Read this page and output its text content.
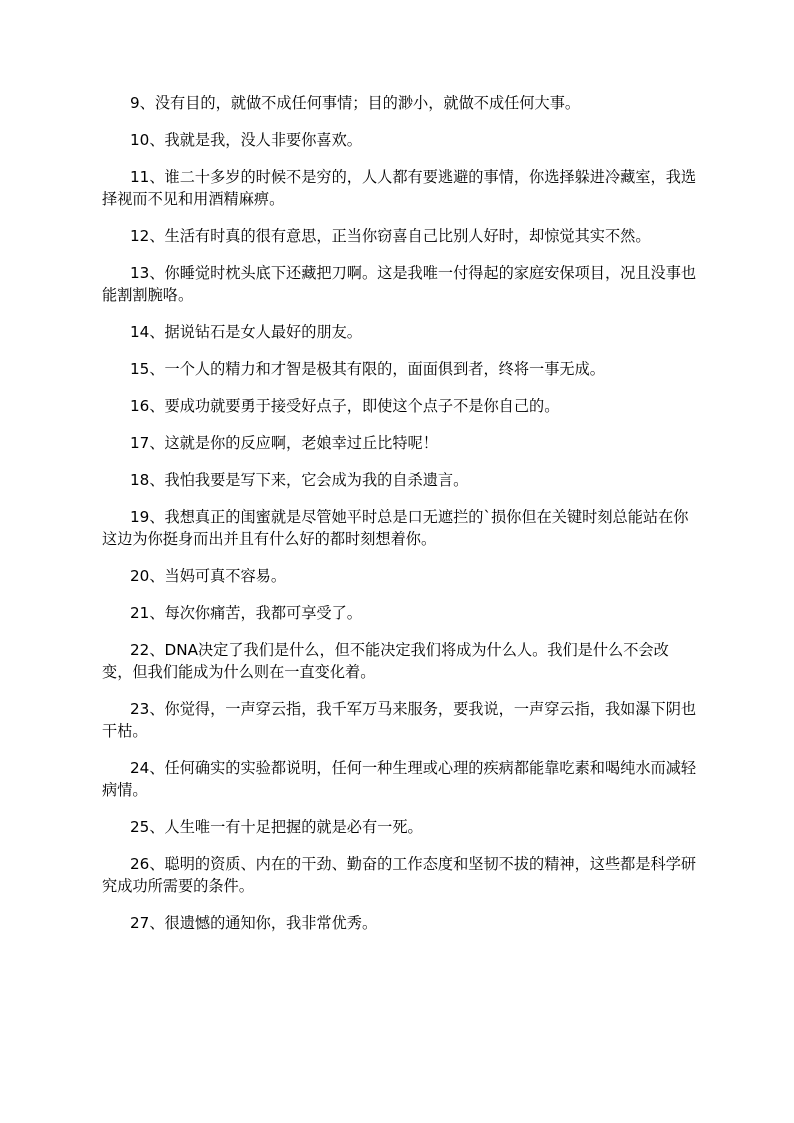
9、没有目的，就做不成任何事情；目的渺小，就做不成任何大事。

10、我就是我，没人非要你喜欢。

11、谁二十多岁的时候不是穷的，人人都有要逃避的事情，你选择躲进冷藏室，我选择视而不见和用酒精麻痹。

12、生活有时真的很有意思，正当你窃喜自己比别人好时，却惊觉其实不然。

13、你睡觉时枕头底下还藏把刀啊。这是我唯一付得起的家庭安保项目，况且没事也能割割腕咯。

14、据说钻石是女人最好的朋友。

15、一个人的精力和才智是极其有限的，面面俱到者，终将一事无成。

16、要成功就要勇于接受好点子，即使这个点子不是你自己的。

17、这就是你的反应啊，老娘幸过丘比特呢！

18、我怕我要是写下来，它会成为我的自杀遗言。

19、我想真正的闺蜜就是尽管她平时总是口无遮拦的`损你但在关键时刻总能站在你这边为你挺身而出并且有什么好的都时刻想着你。

20、当妈可真不容易。

21、每次你痛苦，我都可享受了。

22、DNA决定了我们是什么，但不能决定我们将成为什么人。我们是什么不会改变，但我们能成为什么则在一直变化着。

23、你觉得，一声穿云指，我千军万马来服务，要我说，一声穿云指，我如瀑下阴也干枯。

24、任何确实的实验都说明，任何一种生理或心理的疾病都能靠吃素和喝纯水而减轻病情。

25、人生唯一有十足把握的就是必有一死。

26、聪明的资质、内在的干劲、勤奋的工作态度和坚韧不拔的精神，这些都是科学研究成功所需要的条件。

27、很遗憾的通知你，我非常优秀。
